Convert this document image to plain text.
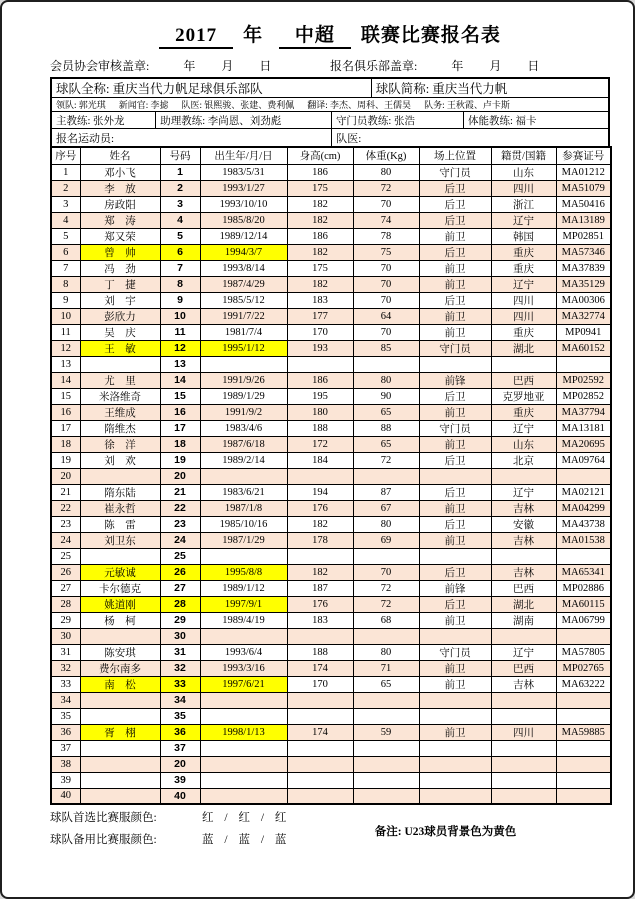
2017 年 中超 联赛比赛报名表
会员协会审核盖章:	年 月 日	报名俱乐部盖章:	年 月 日
球队全称: 重庆当代力帆足球俱乐部队	球队简称: 重庆当代力帆
领队: 郭光琪 新闻官: 李摅 队医: 银熙骏、张建、费利佩 翻译: 李杰、周科、王儒昊 队务: 王秋霞、卢卡斯
主教练: 张外龙	助理教练: 李尚恩、刘劲彪	守门员教练: 张浩	体能教练: 福卡
报名运动员:	队医:
序号	姓名	号码	出生年/月/日	身高(cm)	体重(Kg)	场上位置	籍贯/国籍	参赛证号
1	邓小飞	1	1983/5/31	186	80	守门员	山东	MA01212
2	李　放	2	1993/1/27	175	72	后卫	四川	MA51079
3	房政阳	3	1993/10/10	182	70	后卫	浙江	MA50416
4	郑　涛	4	1985/8/20	182	74	后卫	辽宁	MA13189
5	郑又荣	5	1989/12/14	186	78	前卫	韩国	MP02851
6	曾　帅	6	1994/3/7	182	75	后卫	重庆	MA57346
7	冯　劲	7	1993/8/14	175	70	前卫	重庆	MA37839
8	丁　捷	8	1987/4/29	182	70	前卫	辽宁	MA35129
9	刘　宇	9	1985/5/12	183	70	后卫	四川	MA00306
10	彭欣力	10	1991/7/22	177	64	前卫	四川	MA32774
11	吴　庆	11	1981/7/4	170	70	前卫	重庆	MP0941
12	王　敏	12	1995/1/12	193	85	守门员	湖北	MA60152
13		13						
14	尤　里	14	1991/9/26	186	80	前锋	巴西	MP02592
15	米洛维奇	15	1989/1/29	195	90	后卫	克罗地亚	MP02852
16	王维成	16	1991/9/2	180	65	前卫	重庆	MA37794
17	隋维杰	17	1983/4/6	188	88	守门员	辽宁	MA13181
18	徐　洋	18	1987/6/18	172	65	前卫	山东	MA20695
19	刘　欢	19	1989/2/14	184	72	后卫	北京	MA09764
20		20						
21	隋东陆	21	1983/6/21	194	87	后卫	辽宁	MA02121
22	崔永哲	22	1987/1/8	176	67	前卫	吉林	MA04299
23	陈　雷	23	1985/10/16	182	80	后卫	安徽	MA43738
24	刘卫东	24	1987/1/29	178	69	前卫	吉林	MA01538
25		25						
26	元敏诚	26	1995/8/8	182	70	后卫	吉林	MA65341
27	卡尔德克	27	1989/1/12	187	72	前锋	巴西	MP02886
28	姚道刚	28	1997/9/1	176	72	后卫	湖北	MA60115
29	杨　柯	29	1989/4/19	183	68	前卫	湖南	MA06799
30		30						
31	陈安琪	31	1993/6/4	188	80	守门员	辽宁	MA57805
32	费尔南多	32	1993/3/16	174	71	前卫	巴西	MP02765
33	南　松	33	1997/6/21	170	65	前卫	吉林	MA63222
34		34						
35		35						
36	胥　栩	36	1998/1/13	174	59	前卫	四川	MA59885
37		37						
38		20						
39		39						
40		40						
球队首选比赛服颜色:	红 / 红 / 红
球队备用比赛服颜色:	蓝 / 蓝 / 蓝
备注: U23球员背景色为黄色
